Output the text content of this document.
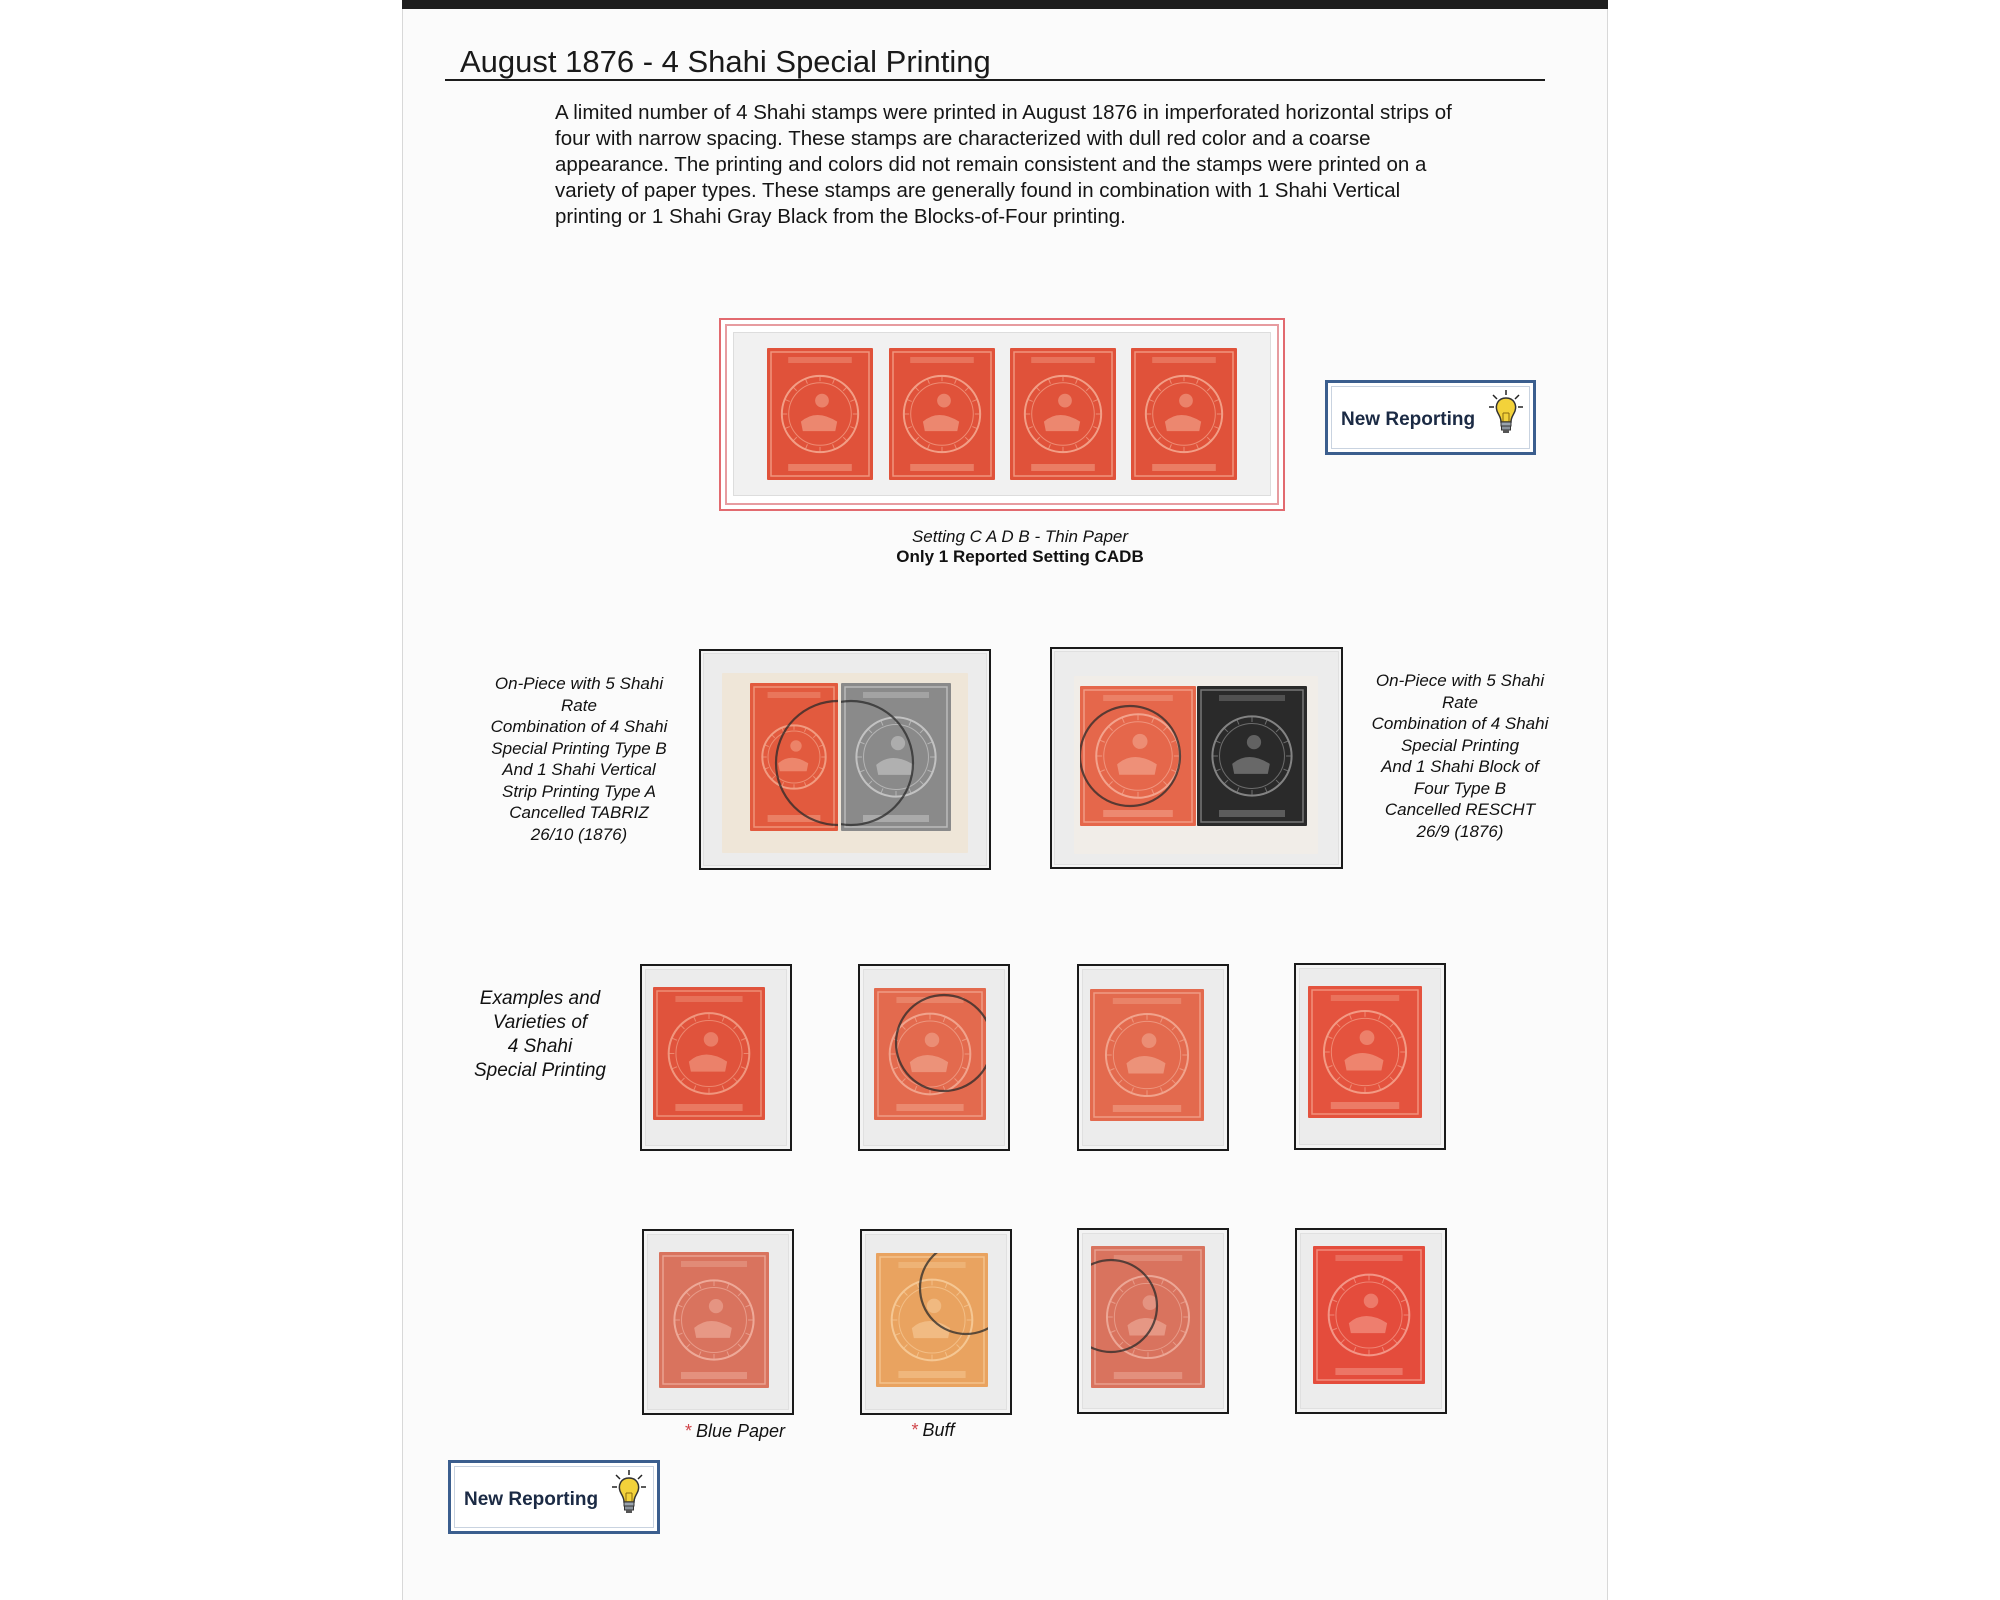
August 1876 - 4 Shahi Special Printing
A limited number of 4 Shahi stamps were printed in August 1876 in imperforated horizontal strips of four with narrow spacing. These stamps are characterized with dull red color and a coarse appearance. The printing and colors did not remain consistent and the stamps were printed on a variety of paper types. These stamps are generally found in combination with 1 Shahi Vertical printing or 1 Shahi Gray Black from the Blocks-of-Four printing.
Setting C A D B - Thin Paper
Only 1 Reported Setting CADB
New Reporting
On-Piece with 5 Shahi
Rate
Combination of 4 Shahi
Special Printing Type B
And 1 Shahi Vertical
Strip Printing Type A
Cancelled TABRIZ
26/10 (1876)
On-Piece with 5 Shahi
Rate
Combination of 4 Shahi
Special Printing
And 1 Shahi Block of
Four Type B
Cancelled RESCHT
26/9 (1876)
Examples and
Varieties of
4 Shahi
Special Printing
* Blue Paper	* Buff
New Reporting
